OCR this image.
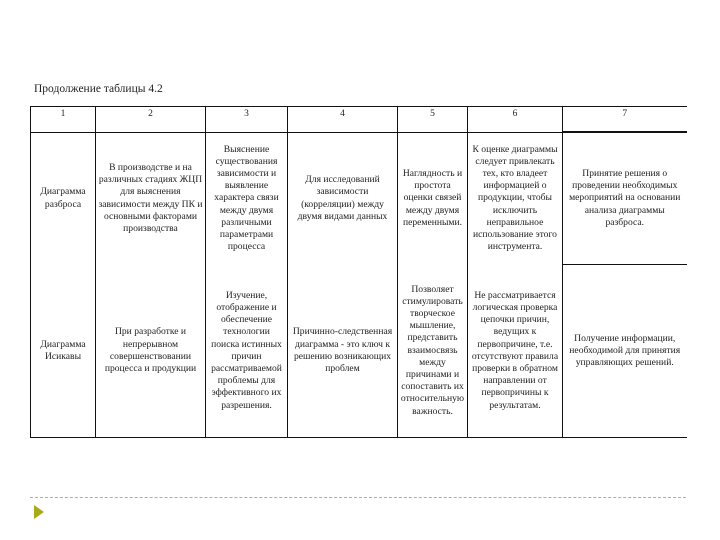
Продолжение таблицы 4.2
1	2	3	4	5	6	7
Диаграмма разброса	В производстве и на различных стадиях ЖЦП для выяснения зависимости между ПК и основными факторами производства	Выяснение существования зависимости и выявление характера связи между двумя различными параметрами процесса	Для исследований зависимости (корреляции) между двумя видами данных	Наглядность и простота оценки связей между двумя переменными.	К оценке диаграммы следует привлекать тех, кто владеет информацией о продукции, чтобы исключить неправильное использование этого инструмента.	Принятие решения о проведении необходимых мероприятий на основании анализа диаграммы разброса.
Диаграмма Исикавы	При разработке и непрерывном совершенствовании процесса и продукции	Изучение, отображение и обеспечение технологии поиска истинных причин рассматриваемой проблемы для эффективного их разрешения.	Причинно-следственная диаграмма - это ключ к решению возникающих проблем	Позволяет стимулировать творческое мышление, представить взаимосвязь между причинами и сопоставить их относительную важность.	Не рассматривается логическая проверка цепочки причин, ведущих к первопричине, т.е. отсутствуют правила проверки в обратном направлении от первопричины к результатам.	Получение информации, необходимой для принятия управляющих решений.
